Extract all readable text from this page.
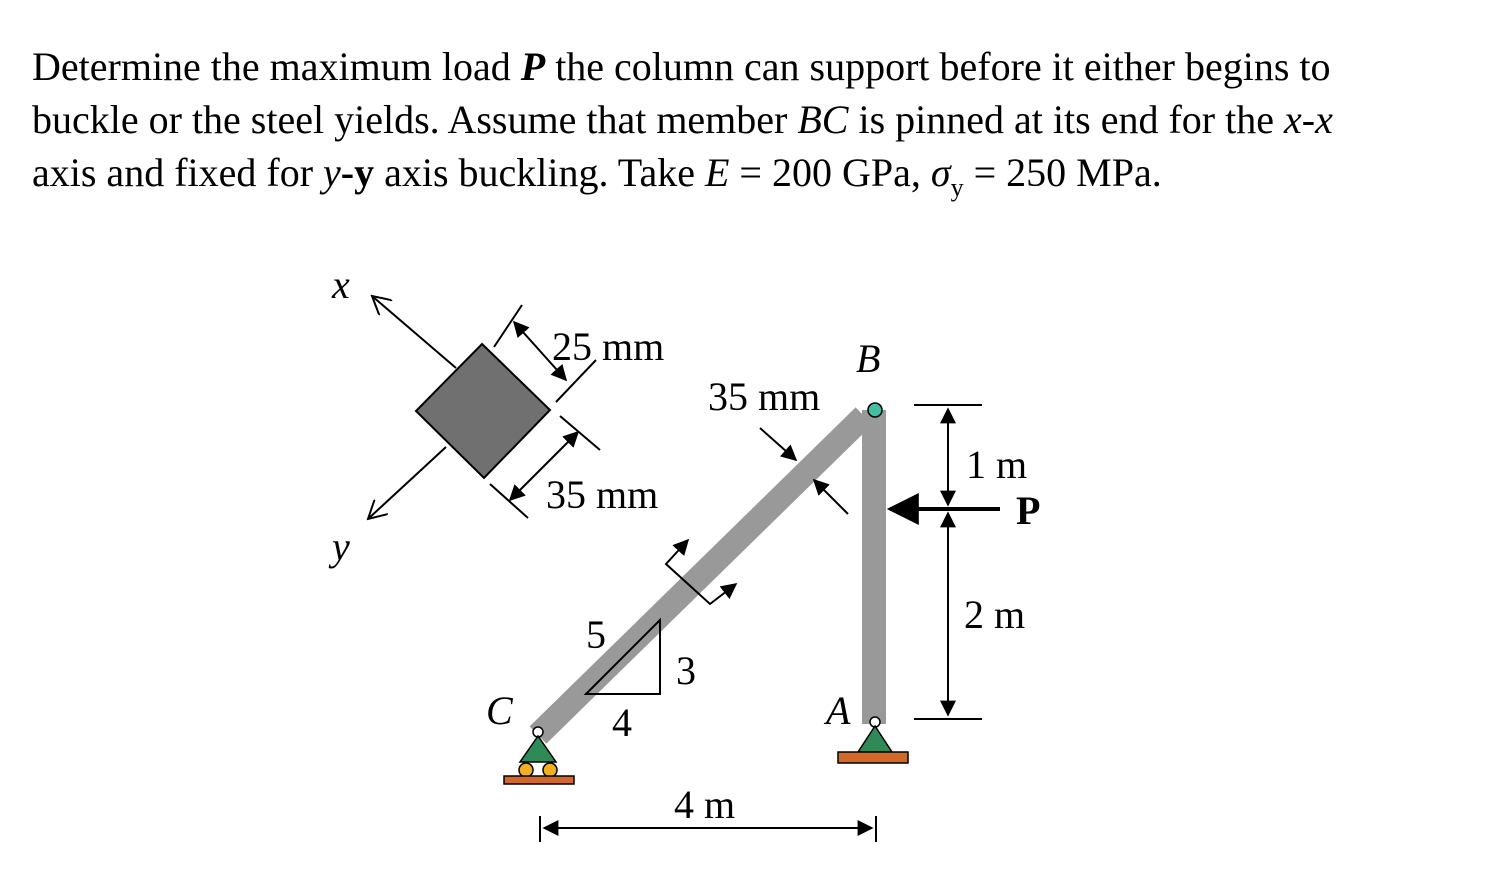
Determine the maximum load P the column can support before it either begins to
buckle or the steel yields. Assume that member BC is pinned at its end for the x-x
axis and fixed for y-y axis buckling. Take E = 200 GPa, $\sigma_y = 250$ MPa.

x
y
25 mm
35 mm
35 mm
5
3
4
C
B
A
P
1 m
2 m
4 m
